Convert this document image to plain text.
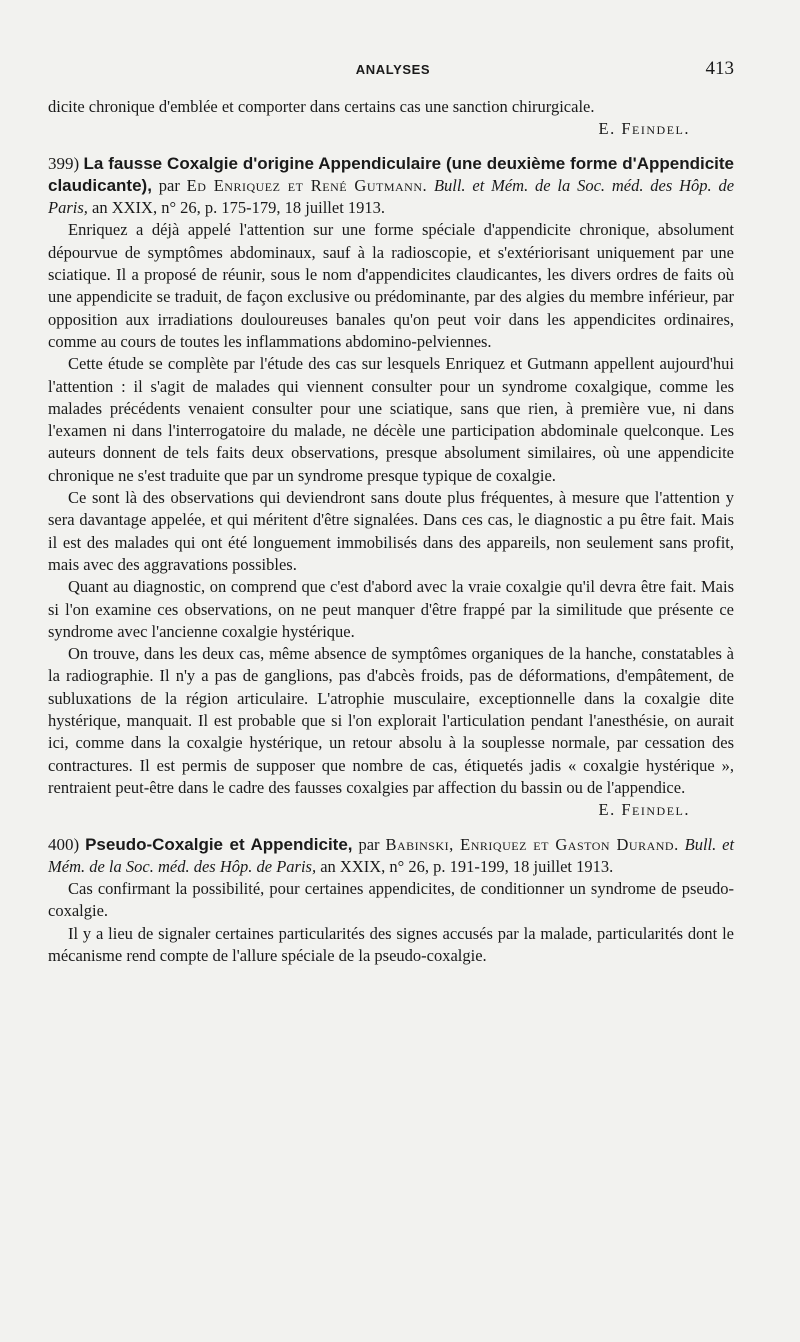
ANALYSES	413

dicite chronique d'emblée et comporter dans certains cas une sanction chirurgicale.

E. Feindel.

399) La fausse Coxalgie d'origine Appendiculaire (une deuxième forme d'Appendicite claudicante), par Ed Enriquez et René Gutmann. Bull. et Mém. de la Soc. méd. des Hôp. de Paris, an XXIX, n° 26, p. 175-179, 18 juillet 1913.

Enriquez a déjà appelé l'attention sur une forme spéciale d'appendicite chronique, absolument dépourvue de symptômes abdominaux, sauf à la radioscopie, et s'extériorisant uniquement par une sciatique. Il a proposé de réunir, sous le nom d'appendicites claudicantes, les divers ordres de faits où une appendicite se traduit, de façon exclusive ou prédominante, par des algies du membre inférieur, par opposition aux irradiations douloureuses banales qu'on peut voir dans les appendicites ordinaires, comme au cours de toutes les inflammations abdomino-pelviennes.

Cette étude se complète par l'étude des cas sur lesquels Enriquez et Gutmann appellent aujourd'hui l'attention : il s'agit de malades qui viennent consulter pour un syndrome coxalgique, comme les malades précédents venaient consulter pour une sciatique, sans que rien, à première vue, ni dans l'examen ni dans l'interrogatoire du malade, ne décèle une participation abdominale quelconque. Les auteurs donnent de tels faits deux observations, presque absolument similaires, où une appendicite chronique ne s'est traduite que par un syndrome presque typique de coxalgie.

Ce sont là des observations qui deviendront sans doute plus fréquentes, à mesure que l'attention y sera davantage appelée, et qui méritent d'être signalées. Dans ces cas, le diagnostic a pu être fait. Mais il est des malades qui ont été longuement immobilisés dans des appareils, non seulement sans profit, mais avec des aggravations possibles.

Quant au diagnostic, on comprend que c'est d'abord avec la vraie coxalgie qu'il devra être fait. Mais si l'on examine ces observations, on ne peut manquer d'être frappé par la similitude que présente ce syndrome avec l'ancienne coxalgie hystérique.

On trouve, dans les deux cas, même absence de symptômes organiques de la hanche, constatables à la radiographie. Il n'y a pas de ganglions, pas d'abcès froids, pas de déformations, d'empâtement, de subluxations de la région articulaire. L'atrophie musculaire, exceptionnelle dans la coxalgie dite hystérique, manquait. Il est probable que si l'on explorait l'articulation pendant l'anesthésie, on aurait ici, comme dans la coxalgie hystérique, un retour absolu à la souplesse normale, par cessation des contractures. Il est permis de supposer que nombre de cas, étiquetés jadis « coxalgie hystérique », rentraient peut-être dans le cadre des fausses coxalgies par affection du bassin ou de l'appendice.

E. Feindel.

400) Pseudo-Coxalgie et Appendicite, par Babinski, Enriquez et Gaston Durand. Bull. et Mém. de la Soc. méd. des Hôp. de Paris, an XXIX, n° 26, p. 191-199, 18 juillet 1913.

Cas confirmant la possibilité, pour certaines appendicites, de conditionner un syndrome de pseudo-coxalgie.

Il y a lieu de signaler certaines particularités des signes accusés par la malade, particularités dont le mécanisme rend compte de l'allure spéciale de la pseudo-coxalgie.
